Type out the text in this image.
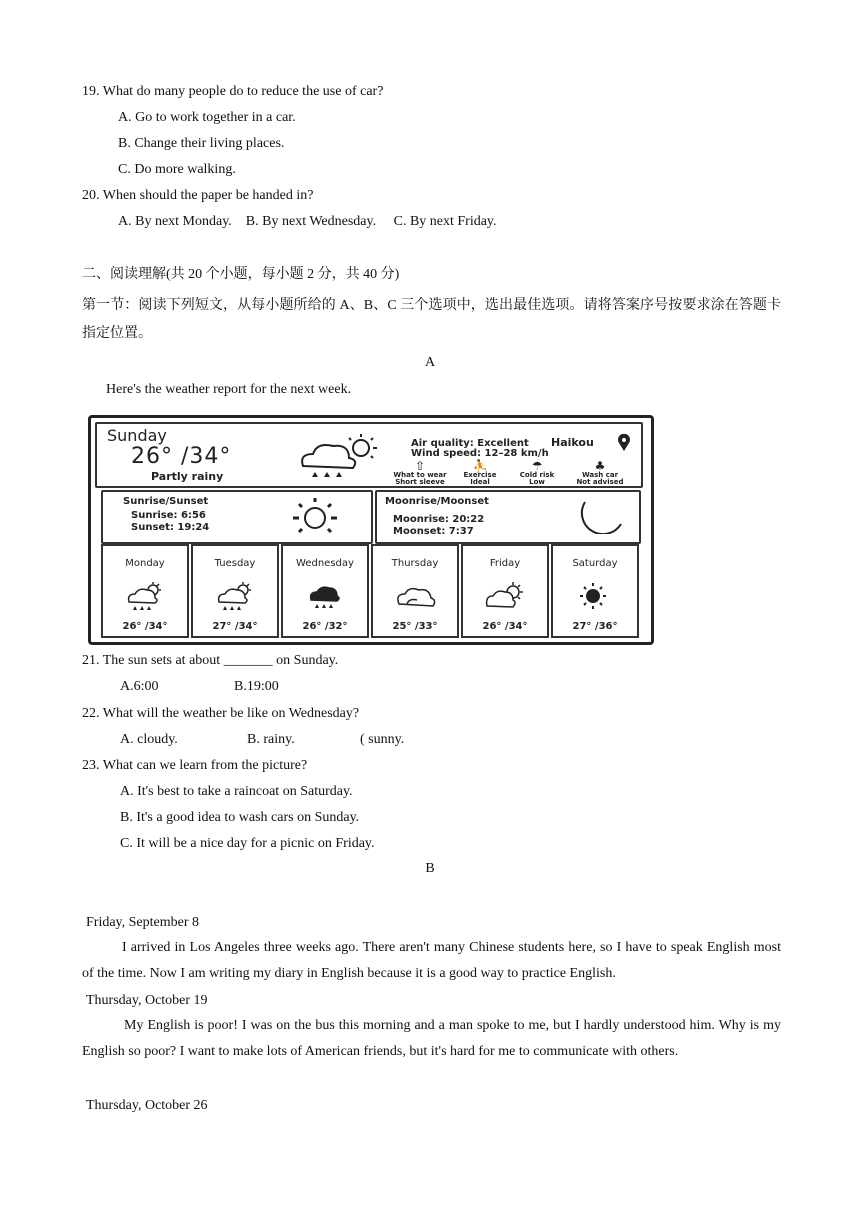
19. What do many people do to reduce the use of car?
A. Go to work together in a car.
B. Change their living places.
C. Do more walking.
20. When should the paper be handed in?
A. By next Monday.    B. By next Wednesday.     C. By next Friday.
二、阅读理解(共 20 个小题，每小题 2 分，共 40 分)
第一节：阅读下列短文，从每小题所给的 A、B、C 三个选项中，选出最佳选项。请将答案序号按要求涂在答题卡指定位置。
A
Here's the weather report for the next week.
Sunday
26° /34°
Partly rainy
Air quality: Excellent
Wind speed: 12–28 km/h
Haikou
⇧
What to wear
Short sleeve
⛹
Exercise
Ideal
☂
Cold risk
Low
♣
Wash car
Not advised
Sunrise/Sunset
Sunrise: 6:56
Sunset: 19:24
Moonrise/Moonset
Moonrise: 20:22
Moonset: 7:37
Monday
26° /34°
Tuesday
27° /34°
Wednesday
26° /32°
Thursday
25° /33°
Friday
26° /34°
Saturday
27° /36°
21. The sun sets at about _______ on Sunday.
A.6:00	B.19:00
22. What will the weather be like on Wednesday?
A. cloudy.	B. rainy.	( sunny.
23. What can we learn from the picture?
A. It's best to take a raincoat on Saturday.
B. It's a good idea to wash cars on Sunday.
C. It will be a nice day for a picnic on Friday.
B
Friday, September 8
I arrived in Los Angeles three weeks ago. There aren't many Chinese students here, so I have to speak English most of the time. Now I am writing my diary in English because it is a good way to practice English.
Thursday, October 19
My English is poor! I was on the bus this morning and a man spoke to me, but I hardly understood him. Why is my English so poor? I want to make lots of American friends, but it's hard for me to communicate with others.
Thursday, October 26
